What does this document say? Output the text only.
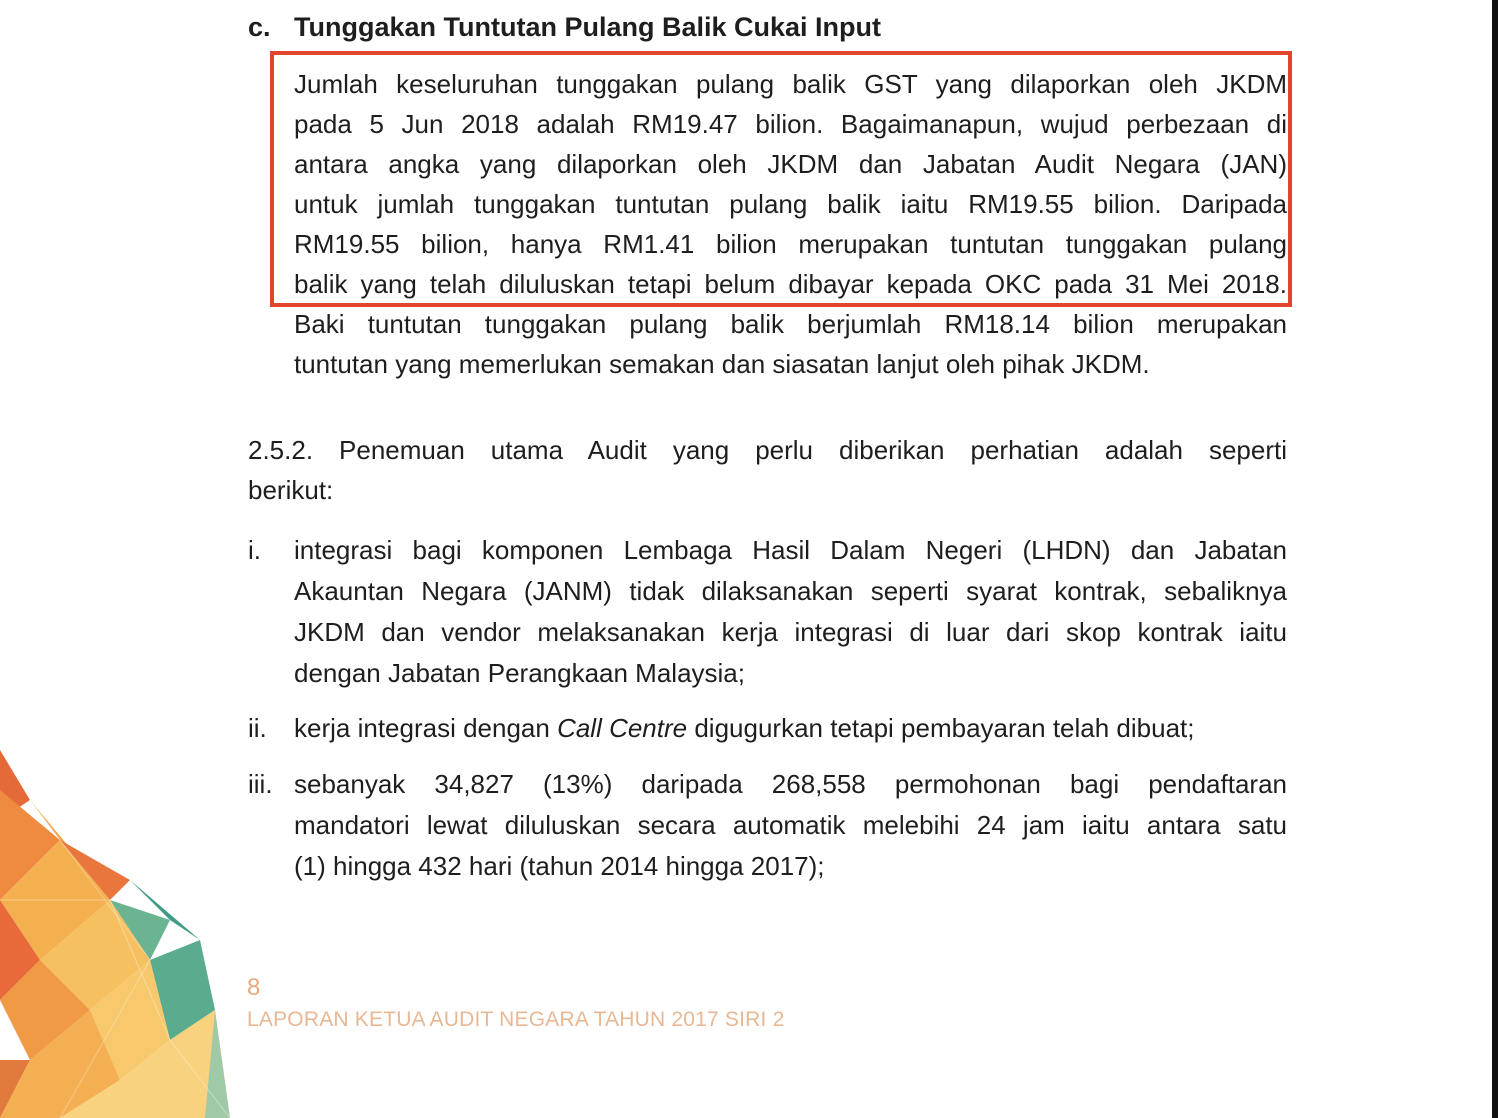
c. Tunggakan Tuntutan Pulang Balik Cukai Input
Jumlah keseluruhan tunggakan pulang balik GST yang dilaporkan oleh JKDM
pada 5 Jun 2018 adalah RM19.47 bilion. Bagaimanapun, wujud perbezaan di
antara angka yang dilaporkan oleh JKDM dan Jabatan Audit Negara (JAN)
untuk jumlah tunggakan tuntutan pulang balik iaitu RM19.55 bilion. Daripada
RM19.55 bilion, hanya RM1.41 bilion merupakan tuntutan tunggakan pulang
balik yang telah diluluskan tetapi belum dibayar kepada OKC pada 31 Mei 2018.
Baki tuntutan tunggakan pulang balik berjumlah RM18.14 bilion merupakan
tuntutan yang memerlukan semakan dan siasatan lanjut oleh pihak JKDM.
2.5.2. Penemuan utama Audit yang perlu diberikan perhatian adalah seperti
berikut:
i. integrasi bagi komponen Lembaga Hasil Dalam Negeri (LHDN) dan Jabatan
Akauntan Negara (JANM) tidak dilaksanakan seperti syarat kontrak, sebaliknya
JKDM dan vendor melaksanakan kerja integrasi di luar dari skop kontrak iaitu
dengan Jabatan Perangkaan Malaysia;
ii. kerja integrasi dengan Call Centre digugurkan tetapi pembayaran telah dibuat;
iii. sebanyak 34,827 (13%) daripada 268,558 permohonan bagi pendaftaran
mandatori lewat diluluskan secara automatik melebihi 24 jam iaitu antara satu
(1) hingga 432 hari (tahun 2014 hingga 2017);
8
LAPORAN KETUA AUDIT NEGARA TAHUN 2017 SIRI 2
